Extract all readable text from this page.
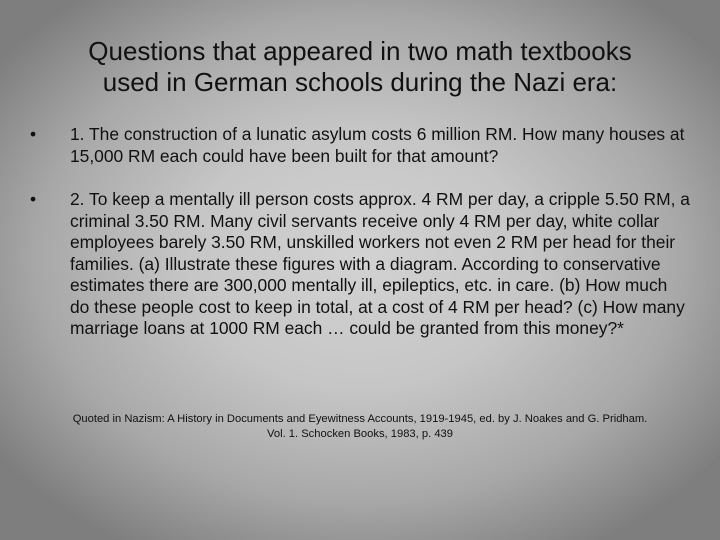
Questions that appeared in two math textbooks
used in German schools during the Nazi era:
• 1. The construction of a lunatic asylum costs 6 million RM. How many houses at 15,000 RM each could have been built for that amount?
• 2. To keep a mentally ill person costs approx. 4 RM per day, a cripple 5.50 RM, a criminal 3.50 RM. Many civil servants receive only 4 RM per day, white collar employees barely 3.50 RM, unskilled workers not even 2 RM per head for their families. (a) Illustrate these figures with a diagram. According to conservative estimates there are 300,000 mentally ill, epileptics, etc. in care. (b) How much do these people cost to keep in total, at a cost of 4 RM per head? (c) How many marriage loans at 1000 RM each … could be granted from this money?*

Quoted in Nazism: A History in Documents and Eyewitness Accounts, 1919-1945, ed. by J. Noakes and G. Pridham.
Vol. 1. Schocken Books, 1983, p. 439
